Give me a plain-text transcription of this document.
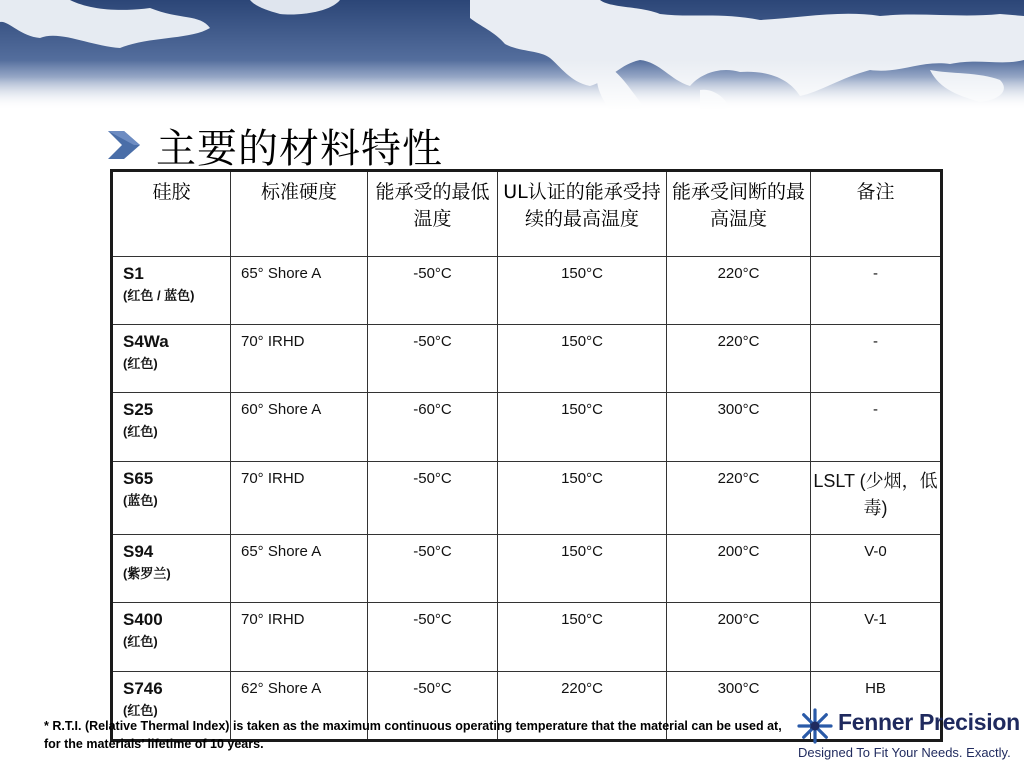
主要的材料特性
硅胶	标准硬度	能承受的最低温度	UL认证的能承受持续的最高温度	能承受间断的最高温度	备注

S1
(红色 / 蓝色)	65° Shore A	-50°C	150°C	220°C	-

S4Wa
(红色)	70° IRHD	-50°C	150°C	220°C	-

S25
(红色)	60° Shore A	-60°C	150°C	300°C	-

S65
(蓝色)	70° IRHD	-50°C	150°C	220°C	LSLT (少烟，低毒)

S94
(紫罗兰)	65° Shore A	-50°C	150°C	200°C	V-0

S400
(红色)	70° IRHD	-50°C	150°C	200°C	V-1

S746
(红色)	62° Shore A	-50°C	220°C	300°C	HB
* R.T.I. (Relative Thermal Index) is taken as the maximum continuous operating temperature that the material can be used at, for the materials’ lifetime of 10 years.
Fenner Precision
Designed To Fit Your Needs. Exactly.
